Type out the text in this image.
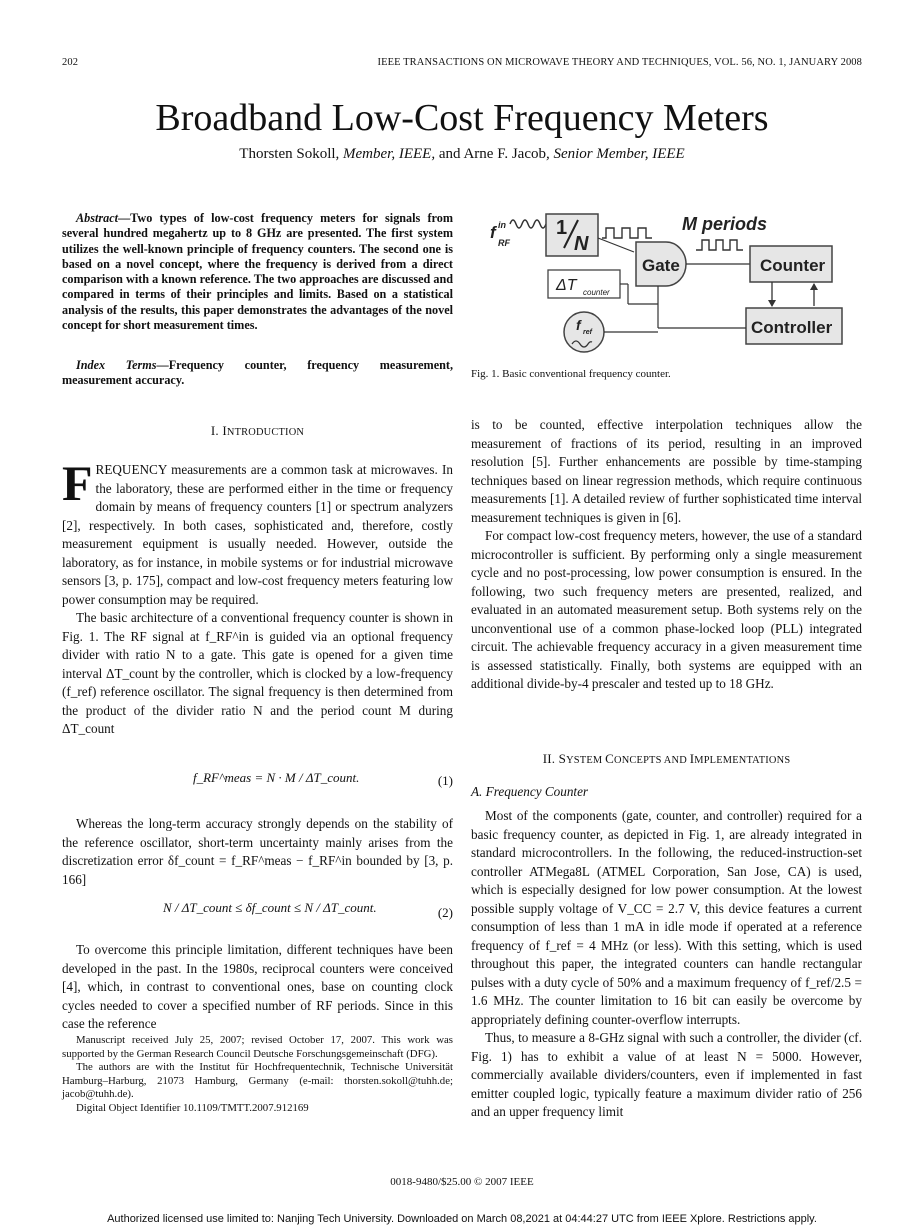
202	IEEE TRANSACTIONS ON MICROWAVE THEORY AND TECHNIQUES, VOL. 56, NO. 1, JANUARY 2008
Broadband Low-Cost Frequency Meters
Thorsten Sokoll, Member, IEEE, and Arne F. Jacob, Senior Member, IEEE
Abstract—Two types of low-cost frequency meters for signals from several hundred megahertz up to 8 GHz are presented. The first system utilizes the well-known principle of frequency counters. The second one is based on a novel concept, where the frequency is derived from a direct comparison with a known reference. The two approaches are discussed and compared in terms of their principles and limits. Based on a statistical analysis of the results, this paper demonstrates the advantages of the novel concept for short measurement times.
Index Terms—Frequency counter, frequency measurement, measurement accuracy.
f
RF
in	1
N
M periods
Gate	Counter
Controller
ΔT counter
f ref
Fig. 1. Basic conventional frequency counter.
I. INTRODUCTION

FREQUENCY measurements are a common task at microwaves. In the laboratory, these are performed either in the time or frequency domain by means of frequency counters [1] or spectrum analyzers [2], respectively. In both cases, sophisticated and, therefore, costly measurement equipment is usually needed. However, outside the laboratory, as for instance, in mobile systems or for industrial microwave sensors [3, p. 175], compact and low-cost frequency meters featuring low power consumption may be required.

The basic architecture of a conventional frequency counter is shown in Fig. 1. The RF signal at f_RF^in is guided via an optional frequency divider with ratio N to a gate. This gate is opened for a given time interval ΔT_count by the controller, which is clocked by a low-frequency (f_ref) reference oscillator. The signal frequency is then determined from the product of the divider ratio N and the period count M during ΔT_count

f_RF^meas = N · M / ΔT_count.	(1)

Whereas the long-term accuracy strongly depends on the stability of the reference oscillator, short-term uncertainty mainly arises from the discretization error δf_count = f_RF^meas − f_RF^in bounded by [3, p. 166]

N / ΔT_count ≤ δf_count ≤ N / ΔT_count.	(2)

To overcome this principle limitation, different techniques have been developed in the past. In the 1980s, reciprocal counters were conceived [4], which, in contrast to conventional ones, base on counting clock cycles needed to cover a specified number of RF periods. Since in this case the reference

Manuscript received July 25, 2007; revised October 17, 2007. This work was supported by the German Research Council Deutsche Forschungsgemeinschaft (DFG).

The authors are with the Institut für Hochfrequentechnik, Technische Universität Hamburg–Harburg, 21073 Hamburg, Germany (e-mail: thorsten.sokoll@tuhh.de; jacob@tuhh.de).

Digital Object Identifier 10.1109/TMTT.2007.912169

is to be counted, effective interpolation techniques allow the measurement of fractions of its period, resulting in an improved resolution [5]. Further enhancements are possible by time-stamping techniques based on linear regression methods, which require continuous measurements [1]. A detailed review of further sophisticated time interval measurement techniques is given in [6].

For compact low-cost frequency meters, however, the use of a standard microcontroller is sufficient. By performing only a single measurement cycle and no post-processing, low power consumption is ensured. In the following, two such frequency meters are presented, realized, and evaluated in an automated measurement setup. Both systems rely on the unconventional use of a common phase-locked loop (PLL) integrated circuit. The achievable frequency accuracy in a given measurement time is assessed statistically. Finally, both systems are equipped with an additional divide-by-4 prescaler and tested up to 18 GHz.

II. SYSTEM CONCEPTS AND IMPLEMENTATIONS
A. Frequency Counter

Most of the components (gate, counter, and controller) required for a basic frequency counter, as depicted in Fig. 1, are already integrated in standard microcontrollers. In the following, the reduced-instruction-set controller ATMega8L (ATMEL Corporation, San Jose, CA) is used, which is especially designed for low power consumption. At the lowest possible supply voltage of V_CC = 2.7 V, this device features a current consumption of less than 1 mA in idle mode if operated at a reference frequency of f_ref = 4 MHz (or less). With this setting, which is used throughout this paper, the integrated counters can handle rectangular pulses with a duty cycle of 50% and a maximum frequency of f_ref/2.5 = 1.6 MHz. The counter limitation to 16 bit can easily be overcome by appropriately defining counter-overflow interrupts.

Thus, to measure a 8-GHz signal with such a controller, the divider (cf. Fig. 1) has to exhibit a value of at least N = 5000. However, commercially available dividers/counters, even if implemented in fast emitter coupled logic, typically feature a maximum divider ratio of 256 and an upper frequency limit

0018-9480/$25.00 © 2007 IEEE
Authorized licensed use limited to: Nanjing Tech University. Downloaded on March 08,2021 at 04:44:27 UTC from IEEE Xplore. Restrictions apply.
